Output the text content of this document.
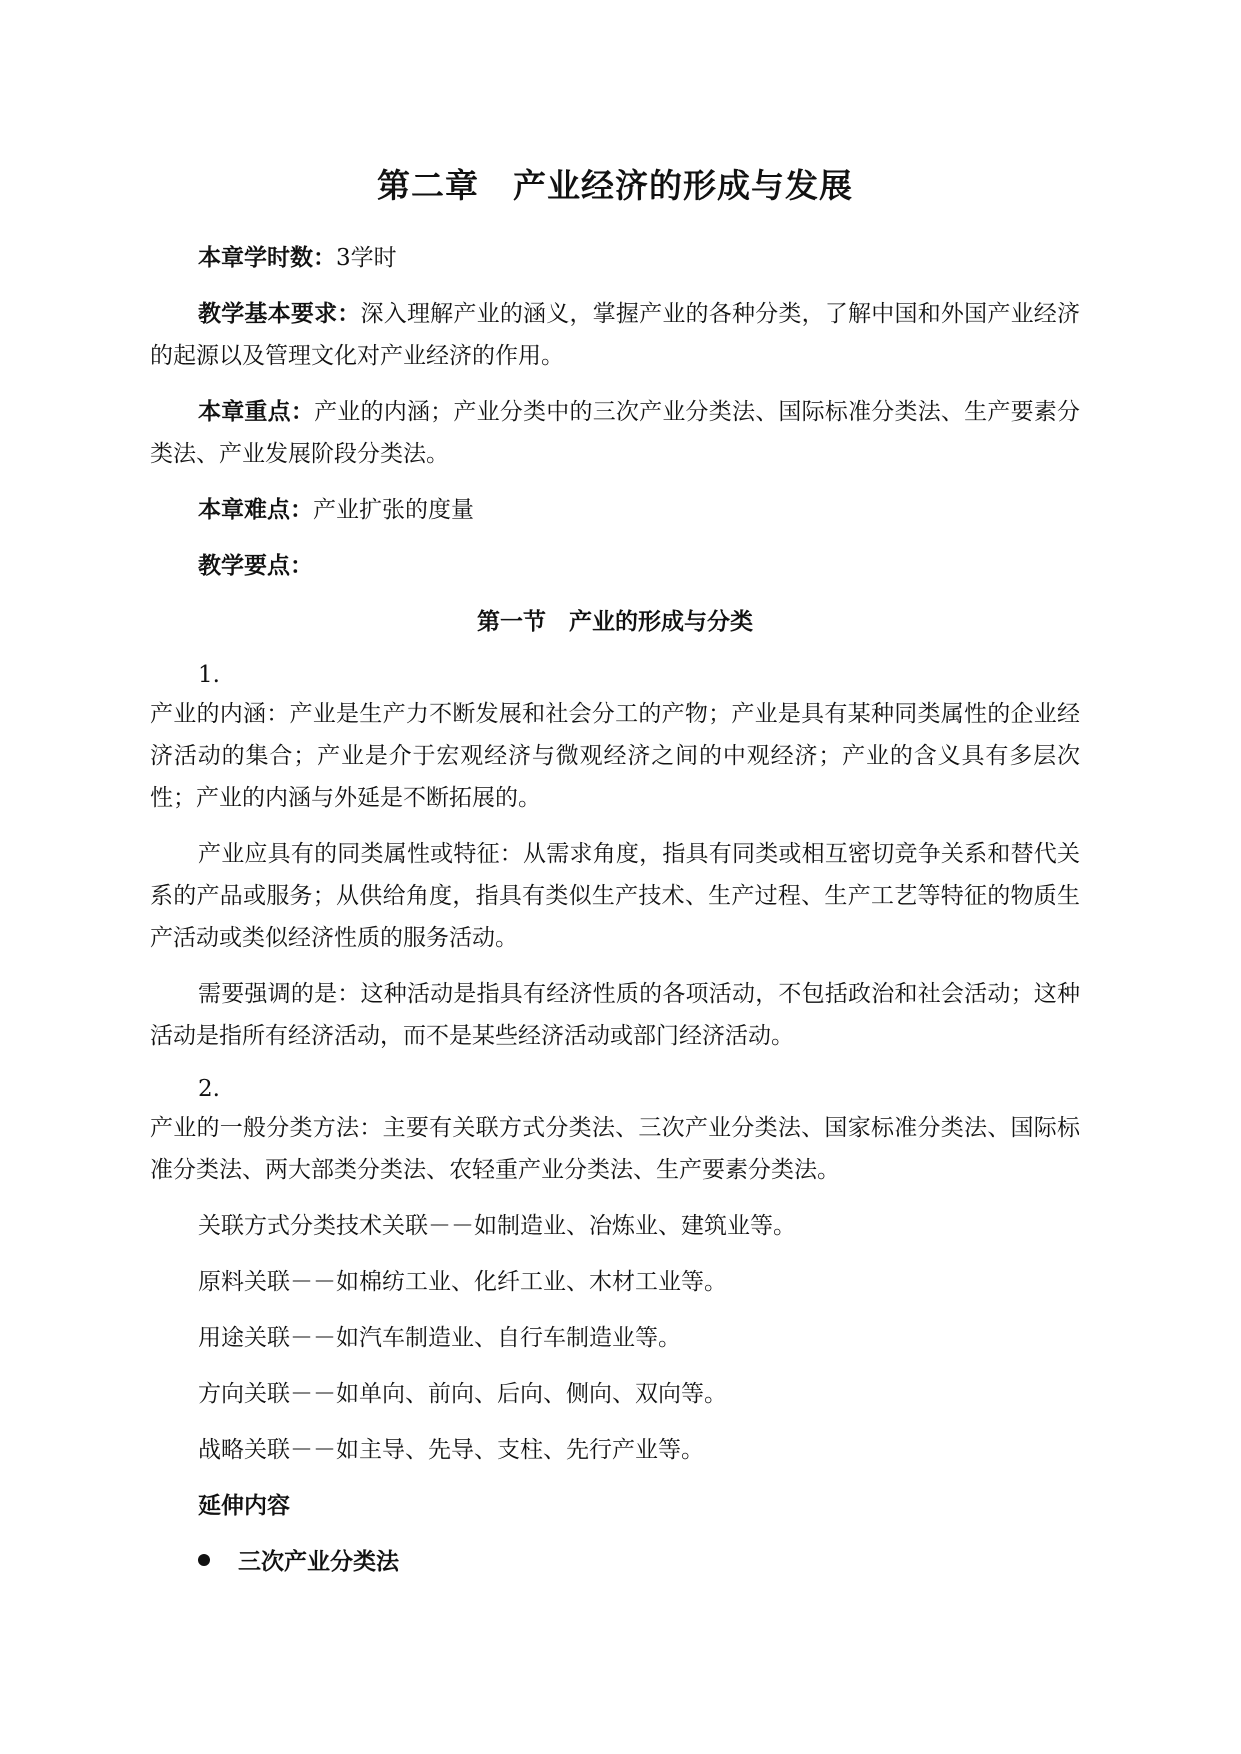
第二章　产业经济的形成与发展

本章学时数：3学时

教学基本要求：深入理解产业的涵义，掌握产业的各种分类，了解中国和外国产业经济的起源以及管理文化对产业经济的作用。

本章重点：产业的内涵；产业分类中的三次产业分类法、国际标准分类法、生产要素分类法、产业发展阶段分类法。

本章难点：产业扩张的度量

教学要点：

第一节　产业的形成与分类

1.

产业的内涵：产业是生产力不断发展和社会分工的产物；产业是具有某种同类属性的企业经济活动的集合；产业是介于宏观经济与微观经济之间的中观经济；产业的含义具有多层次性；产业的内涵与外延是不断拓展的。

产业应具有的同类属性或特征：从需求角度，指具有同类或相互密切竞争关系和替代关系的产品或服务；从供给角度，指具有类似生产技术、生产过程、生产工艺等特征的物质生产活动或类似经济性质的服务活动。

需要强调的是：这种活动是指具有经济性质的各项活动，不包括政治和社会活动；这种活动是指所有经济活动，而不是某些经济活动或部门经济活动。

2.

产业的一般分类方法：主要有关联方式分类法、三次产业分类法、国家标准分类法、国际标准分类法、两大部类分类法、农轻重产业分类法、生产要素分类法。

关联方式分类技术关联－－如制造业、冶炼业、建筑业等。

原料关联－－如棉纺工业、化纤工业、木材工业等。

用途关联－－如汽车制造业、自行车制造业等。

方向关联－－如单向、前向、后向、侧向、双向等。

战略关联－－如主导、先导、支柱、先行产业等。

延伸内容

三次产业分类法
